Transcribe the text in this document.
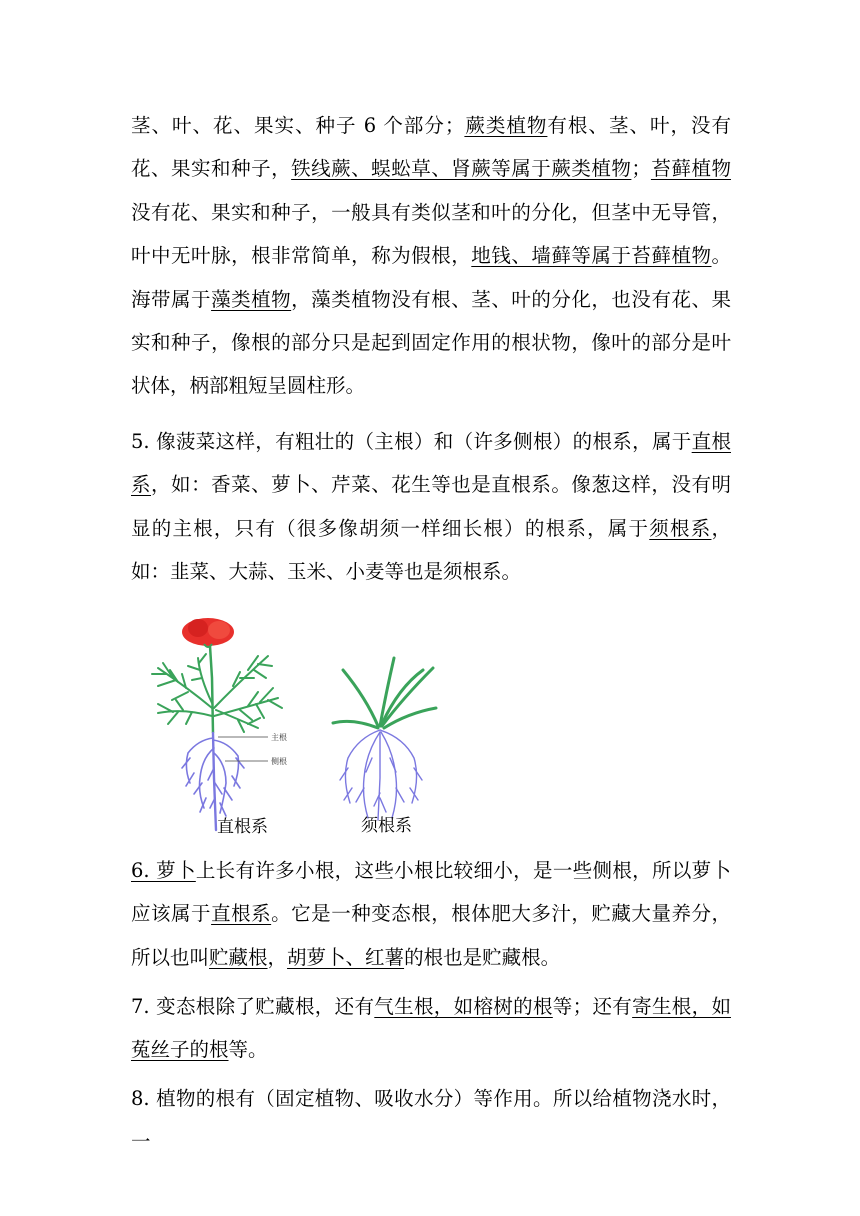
茎、叶、花、果实、种子 6 个部分；蕨类植物有根、茎、叶，没有花、果实和种子，铁线蕨、蜈蚣草、肾蕨等属于蕨类植物；苔藓植物没有花、果实和种子，一般具有类似茎和叶的分化，但茎中无导管，叶中无叶脉，根非常简单，称为假根，地钱、墙藓等属于苔藓植物。海带属于藻类植物，藻类植物没有根、茎、叶的分化，也没有花、果实和种子，像根的部分只是起到固定作用的根状物，像叶的部分是叶状体，柄部粗短呈圆柱形。

5. 像菠菜这样，有粗壮的（主根）和（许多侧根）的根系，属于直根系，如：香菜、萝卜、芹菜、花生等也是直根系。像葱这样，没有明显的主根，只有（很多像胡须一样细长根）的根系，属于须根系，如：韭菜、大蒜、玉米、小麦等也是须根系。

主根
侧根
直根系	须根系

6. 萝卜上长有许多小根，这些小根比较细小，是一些侧根，所以萝卜应该属于直根系。它是一种变态根，根体肥大多汁，贮藏大量养分，所以也叫贮藏根，胡萝卜、红薯的根也是贮藏根。

7. 变态根除了贮藏根，还有气生根，如榕树的根等；还有寄生根，如菟丝子的根等。

8. 植物的根有（固定植物、吸收水分）等作用。所以给植物浇水时，一
